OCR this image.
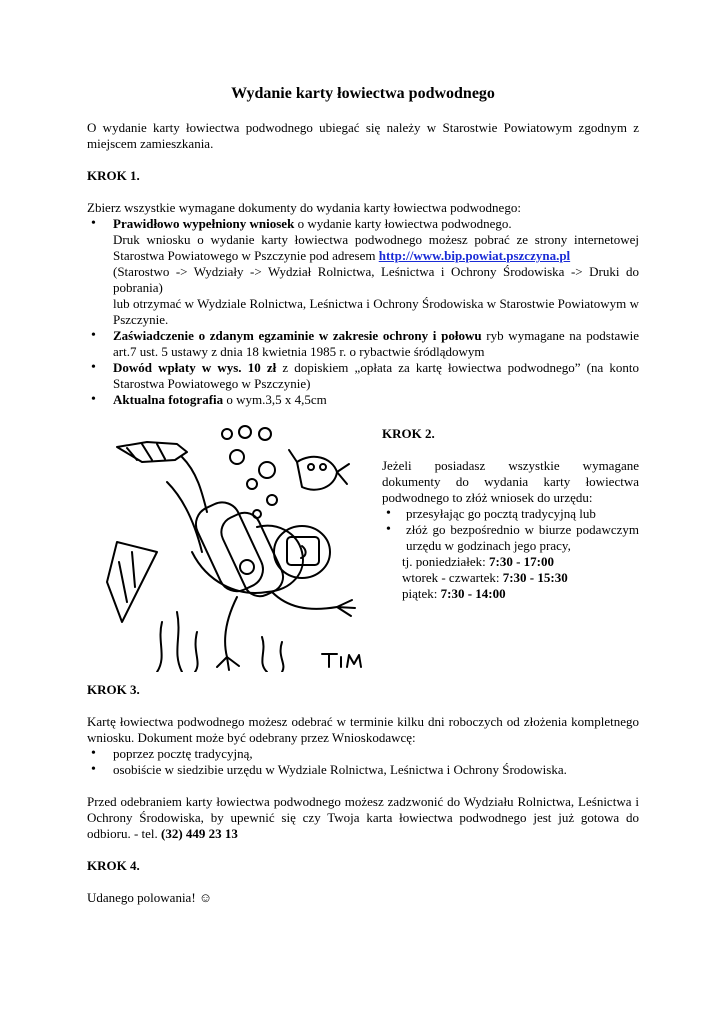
Wydanie karty łowiectwa podwodnego

O wydanie karty łowiectwa podwodnego ubiegać się należy w Starostwie Powiatowym zgodnym z miejscem zamieszkania.

KROK 1.

Zbierz wszystkie wymagane dokumenty do wydania karty łowiectwa podwodnego:

• Prawidłowo wypełniony wniosek o wydanie karty łowiectwa podwodnego.
Druk wniosku o wydanie karty łowiectwa podwodnego możesz pobrać ze strony internetowej Starostwa Powiatowego w Pszczynie pod adresem http://www.bip.powiat.pszczyna.pl
(Starostwo -> Wydziały -> Wydział Rolnictwa, Leśnictwa i Ochrony Środowiska -> Druki do pobrania)
lub otrzymać w Wydziale Rolnictwa, Leśnictwa i Ochrony Środowiska w Starostwie Powiatowym w Pszczynie.
• Zaświadczenie o zdanym egzaminie w zakresie ochrony i połowu ryb wymagane na podstawie art.7 ust. 5 ustawy z dnia 18 kwietnia 1985 r. o rybactwie śródlądowym
• Dowód wpłaty w wys. 10 zł z dopiskiem „opłata za kartę łowiectwa podwodnego” (na konto Starostwa Powiatowego w Pszczynie)
• Aktualna fotografia o wym.3,5 x 4,5cm

KROK 2.

Jeżeli posiadasz wszystkie wymagane dokumenty do wydania karty łowiectwa podwodnego to złóż wniosek do urzędu:

• przesyłając go pocztą tradycyjną lub
• złóż go bezpośrednio w biurze podawczym urzędu w godzinach jego pracy,
tj. poniedziałek: 7:30 - 17:00
wtorek - czwartek: 7:30 - 15:30
piątek: 7:30 - 14:00

KROK 3.

Kartę łowiectwa podwodnego możesz odebrać w terminie kilku dni roboczych od złożenia kompletnego wniosku. Dokument może być odebrany przez Wnioskodawcę:

• poprzez pocztę tradycyjną,
• osobiście w siedzibie urzędu w Wydziale Rolnictwa, Leśnictwa i Ochrony Środowiska.

Przed odebraniem karty łowiectwa podwodnego możesz zadzwonić do Wydziału Rolnictwa, Leśnictwa i Ochrony Środowiska, by upewnić się czy Twoja karta łowiectwa podwodnego jest już gotowa do odbioru. - tel. (32) 449 23 13

KROK 4.

Udanego polowania! ☺
